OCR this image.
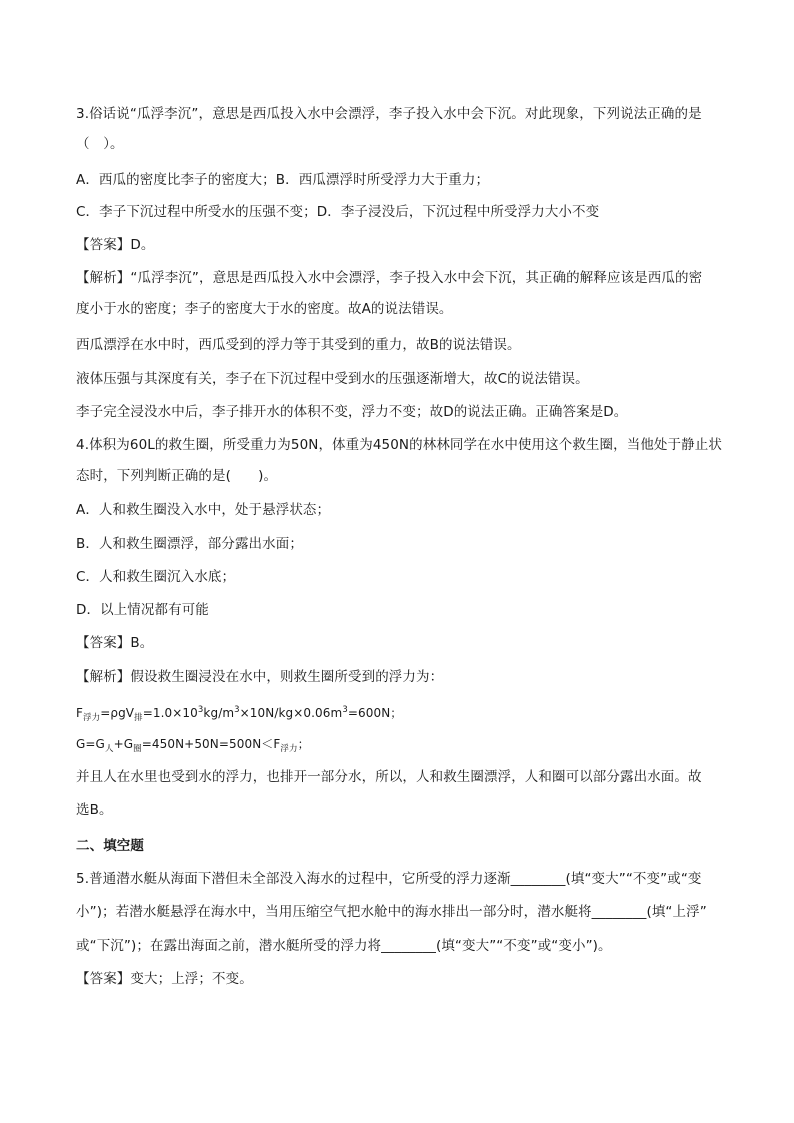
3.俗话说“瓜浮李沉”，意思是西瓜投入水中会漂浮，李子投入水中会下沉。对此现象，下列说法正确的是
（　）。
A．西瓜的密度比李子的密度大；B．西瓜漂浮时所受浮力大于重力；
C．李子下沉过程中所受水的压强不变；D．李子浸没后，下沉过程中所受浮力大小不变
【答案】D。
【解析】“瓜浮李沉”，意思是西瓜投入水中会漂浮，李子投入水中会下沉，其正确的解释应该是西瓜的密
度小于水的密度；李子的密度大于水的密度。故A的说法错误。
西瓜漂浮在水中时，西瓜受到的浮力等于其受到的重力，故B的说法错误。
液体压强与其深度有关，李子在下沉过程中受到水的压强逐渐增大，故C的说法错误。
李子完全浸没水中后，李子排开水的体积不变，浮力不变；故D的说法正确。正确答案是D。
4.体积为60L的救生圈，所受重力为50N，体重为450N的林林同学在水中使用这个救生圈，当他处于静止状
态时，下列判断正确的是(　　)。
A．人和救生圈没入水中，处于悬浮状态；
B．人和救生圈漂浮，部分露出水面；
C．人和救生圈沉入水底；
D．以上情况都有可能
【答案】B。
【解析】假设救生圈浸没在水中，则救生圈所受到的浮力为：
$F_{浮力}=\rho gV_排=1.0\times 10^3kg/m^3\times 10N/kg\times 0.06m^3=600N$；
$G=G_人+G_圈=450N+50N=500N<F_{浮力}$；
并且人在水里也受到水的浮力，也排开一部分水，所以，人和救生圈漂浮，人和圈可以部分露出水面。故
选B。
二、填空题
5.普通潜水艇从海面下潜但未全部没入海水的过程中，它所受的浮力逐渐________(填“变大”“不变”或“变
小”)；若潜水艇悬浮在海水中，当用压缩空气把水舱中的海水排出一部分时，潜水艇将________(填“上浮”
或“下沉”)；在露出海面之前，潜水艇所受的浮力将________(填“变大”“不变”或“变小”)。
【答案】变大；上浮；不变。
